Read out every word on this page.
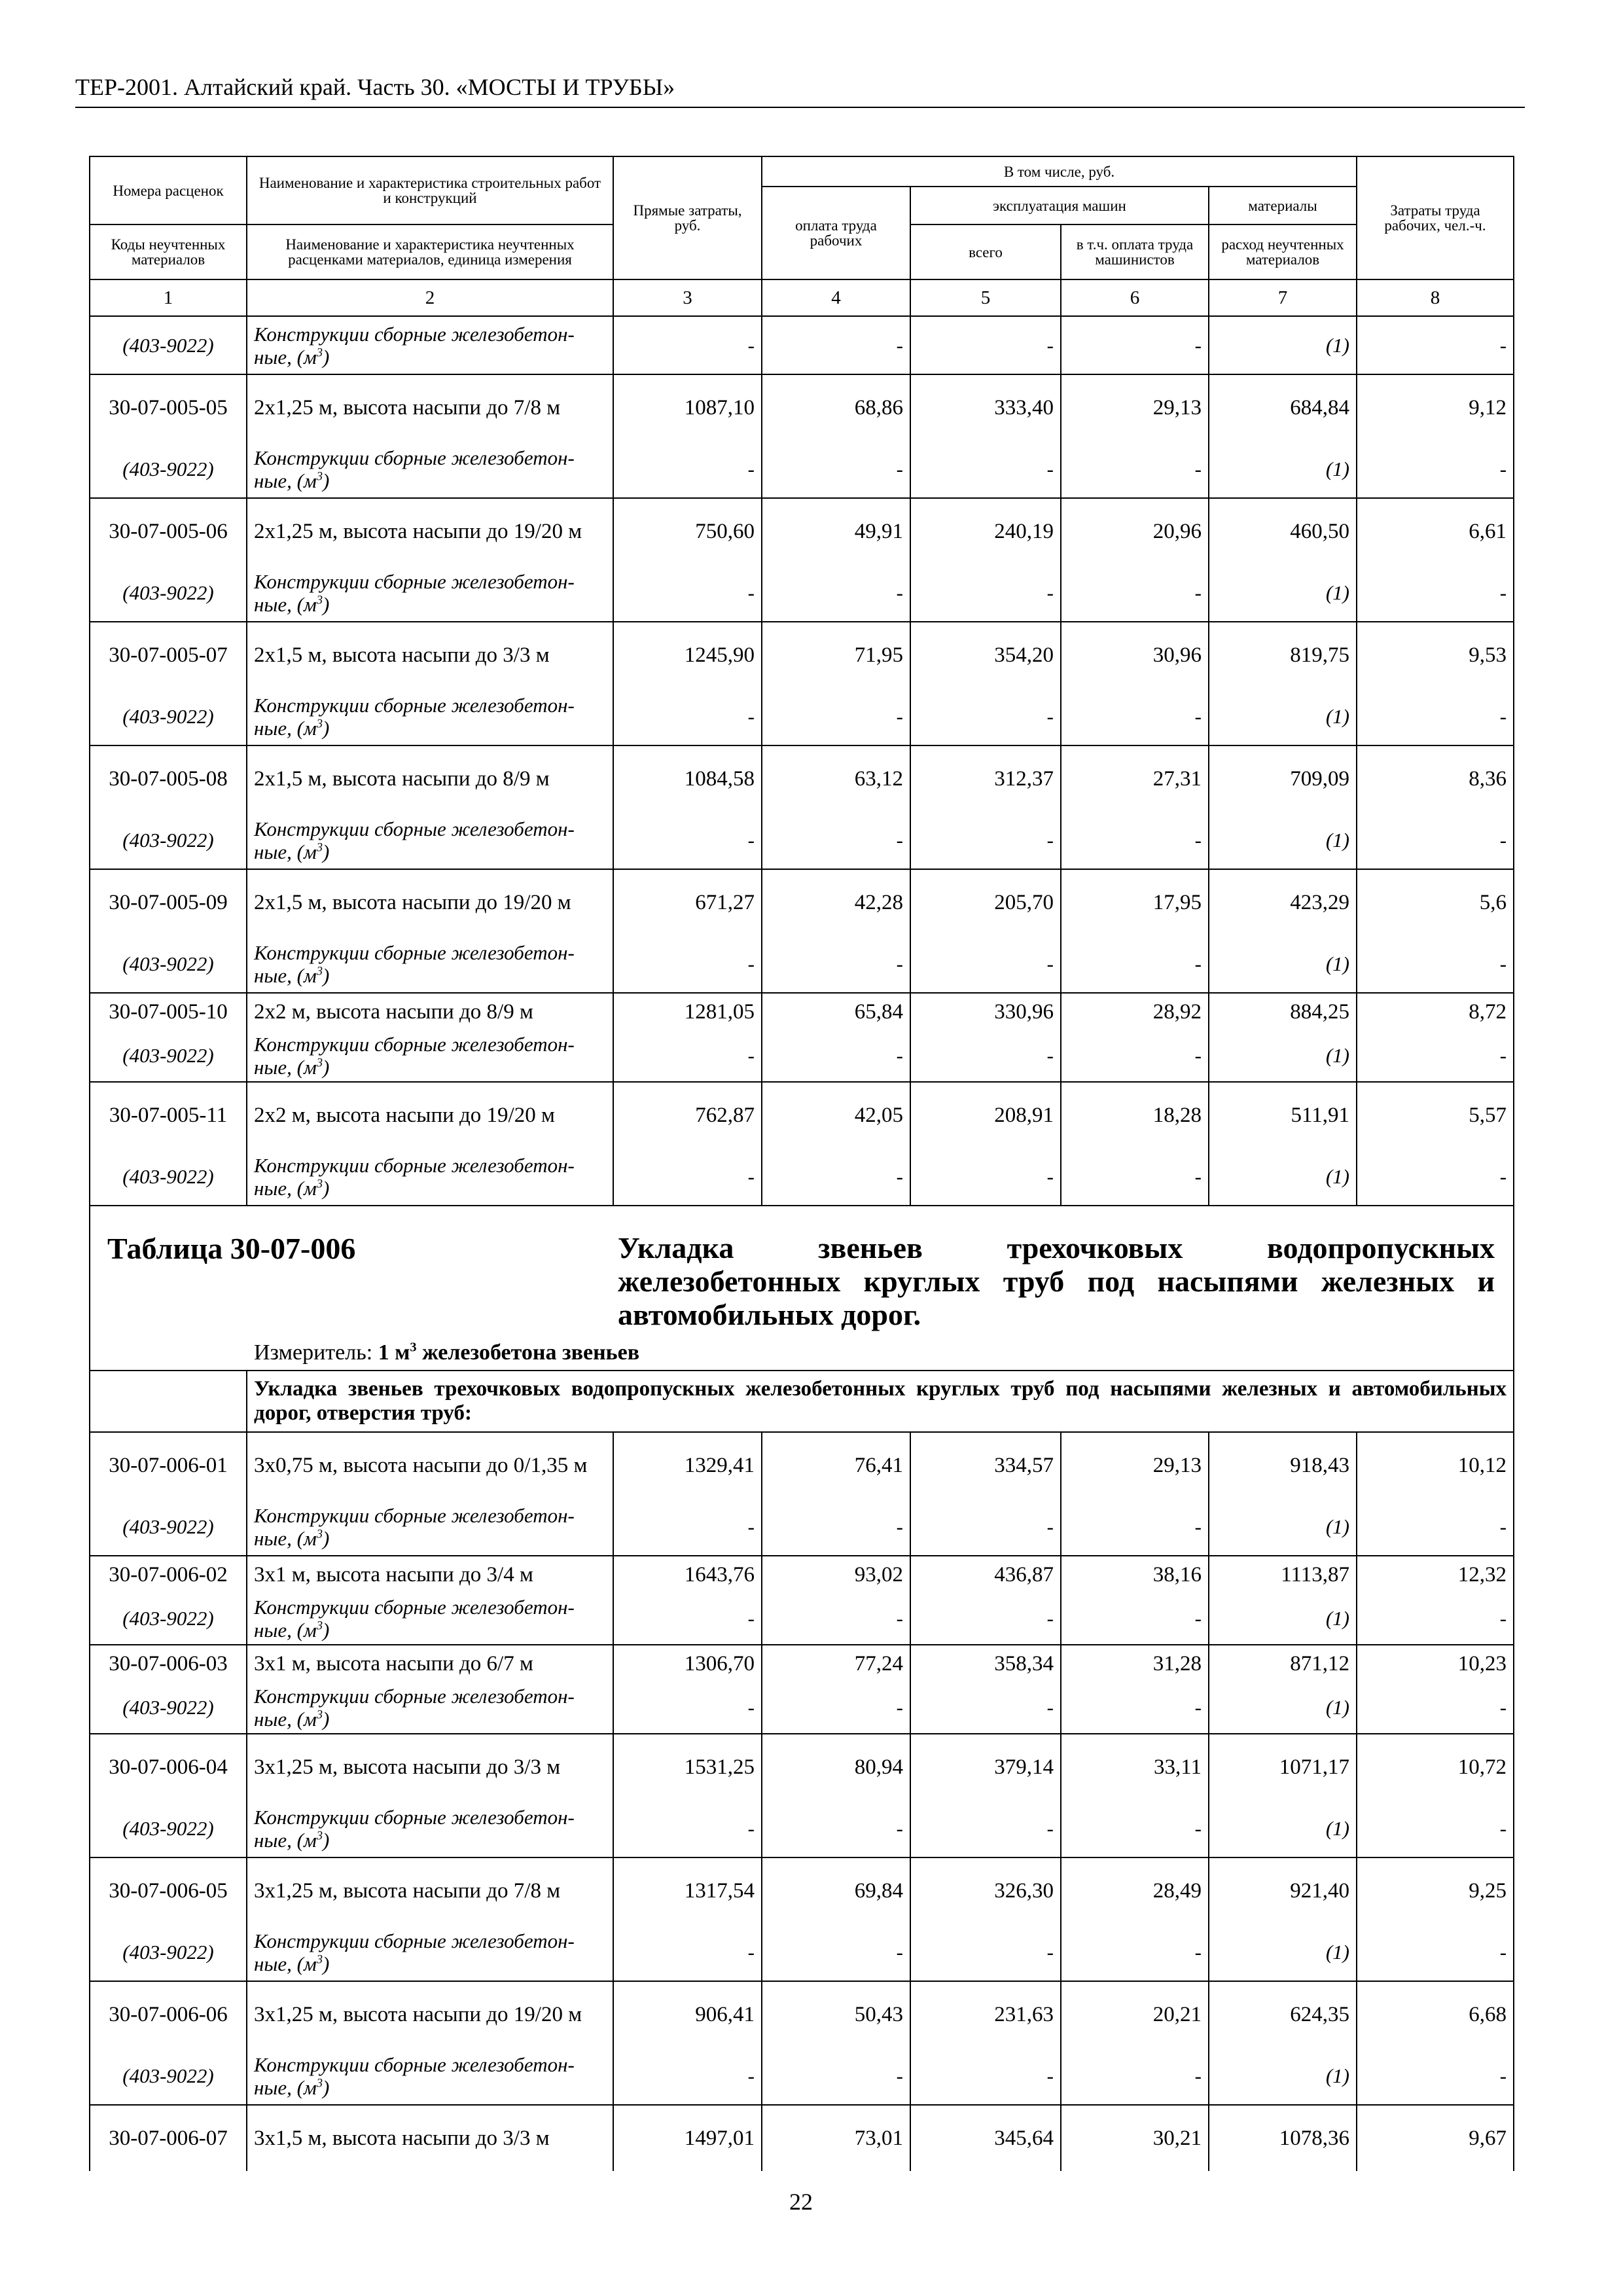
ТЕР-2001. Алтайский край. Часть 30. «МОСТЫ И ТРУБЫ»
Номера расценок	Наименование и характеристика строительных работ и конструкций	Прямые затраты, руб.	В том числе, руб.				Затраты труда рабочих, чел.-ч.
			оплата труда рабочих	эксплуатация машин		материалы	
Коды неучтенных материалов	Наименование и характеристика неучтенных расценками материалов, единица измерения			всего	в т.ч. оплата труда машинистов	расход неучтенных материалов	
1	2	3	4	5	6	7	8
(403-9022)	Конструкции сборные железобетон-ные, $(м^3)$	-	-	-	-	(1)	-
30-07-005-05	2х1,25 м, высота насыпи до 7/8 м	1087,10	68,86	333,40	29,13	684,84	9,12
(403-9022)	Конструкции сборные железобетон-ные, $(м^3)$	-	-	-	-	(1)	-
30-07-005-06	2х1,25 м, высота насыпи до 19/20 м	750,60	49,91	240,19	20,96	460,50	6,61
(403-9022)	Конструкции сборные железобетон-ные, $(м^3)$	-	-	-	-	(1)	-
30-07-005-07	2х1,5 м, высота насыпи до 3/3 м	1245,90	71,95	354,20	30,96	819,75	9,53
(403-9022)	Конструкции сборные железобетон-ные, $(м^3)$	-	-	-	-	(1)	-
30-07-005-08	2х1,5 м, высота насыпи до 8/9 м	1084,58	63,12	312,37	27,31	709,09	8,36
(403-9022)	Конструкции сборные железобетон-ные, $(м^3)$	-	-	-	-	(1)	-
30-07-005-09	2х1,5 м, высота насыпи до 19/20 м	671,27	42,28	205,70	17,95	423,29	5,6
(403-9022)	Конструкции сборные железобетон-ные, $(м^3)$	-	-	-	-	(1)	-
30-07-005-10	2х2 м, высота насыпи до 8/9 м	1281,05	65,84	330,96	28,92	884,25	8,72
(403-9022)	Конструкции сборные железобетон-ные, $(м^3)$	-	-	-	-	(1)	-
30-07-005-11	2х2 м, высота насыпи до 19/20 м	762,87	42,05	208,91	18,28	511,91	5,57
(403-9022)	Конструкции сборные железобетон-ные, $(м^3)$	-	-	-	-	(1)	-

Таблица 30-07-006 Укладка звеньев трехочковых водопропускных железобетонных круглых труб под насыпями железных и автомобильных дорог.
Измеритель: 1 $м^3$ железобетона звеньев							

	Укладка звеньев трехочковых водопропускных железобетонных круглых труб под насыпями железных и автомобильных дорог, отверстия труб:						
30-07-006-01	3х0,75 м, высота насыпи до 0/1,35 м	1329,41	76,41	334,57	29,13	918,43	10,12
(403-9022)	Конструкции сборные железобетон-ные, $(м^3)$	-	-	-	-	(1)	-
30-07-006-02	3х1 м, высота насыпи до 3/4 м	1643,76	93,02	436,87	38,16	1113,87	12,32
(403-9022)	Конструкции сборные железобетон-ные, $(м^3)$	-	-	-	-	(1)	-
30-07-006-03	3х1 м, высота насыпи до 6/7 м	1306,70	77,24	358,34	31,28	871,12	10,23
(403-9022)	Конструкции сборные железобетон-ные, $(м^3)$	-	-	-	-	(1)	-
30-07-006-04	3х1,25 м, высота насыпи до 3/3 м	1531,25	80,94	379,14	33,11	1071,17	10,72
(403-9022)	Конструкции сборные железобетон-ные, $(м^3)$	-	-	-	-	(1)	-
30-07-006-05	3х1,25 м, высота насыпи до 7/8 м	1317,54	69,84	326,30	28,49	921,40	9,25
(403-9022)	Конструкции сборные железобетон-ные, $(м^3)$	-	-	-	-	(1)	-
30-07-006-06	3х1,25 м, высота насыпи до 19/20 м	906,41	50,43	231,63	20,21	624,35	6,68
(403-9022)	Конструкции сборные железобетон-ные, $(м^3)$	-	-	-	-	(1)	-
30-07-006-07	3х1,5 м, высота насыпи до 3/3 м	1497,01	73,01	345,64	30,21	1078,36	9,67
22
